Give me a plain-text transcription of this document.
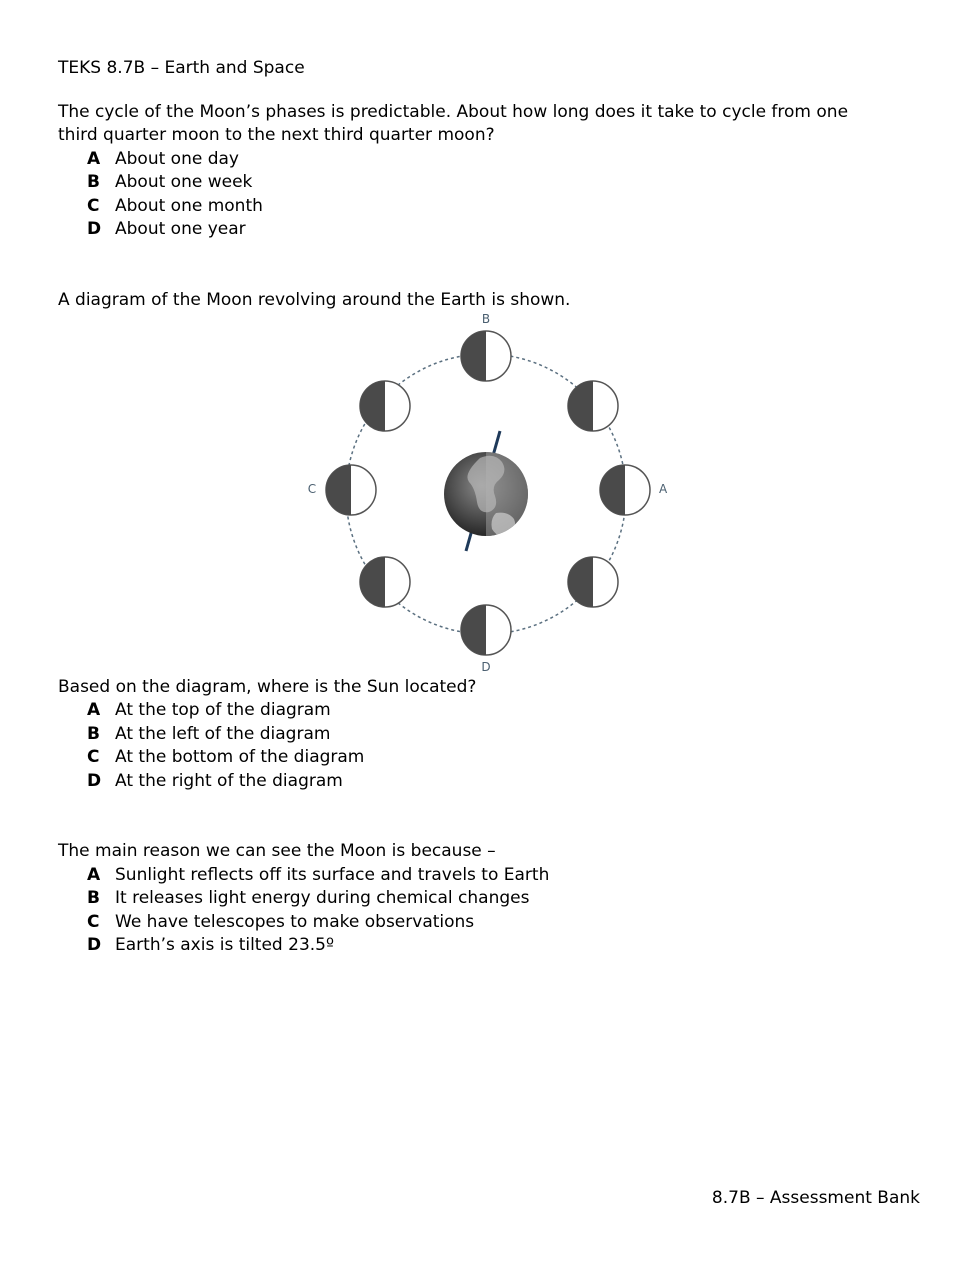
TEKS 8.7B – Earth and Space
The cycle of the Moon’s phases is predictable. About how long does it take to cycle from one
third quarter moon to the next third quarter moon?
A About one day
B About one week
C About one month
D About one year
A diagram of the Moon revolving around the Earth is shown.
B
A
C
D
Based on the diagram, where is the Sun located?
A At the top of the diagram
B At the left of the diagram
C At the bottom of the diagram
D At the right of the diagram
The main reason we can see the Moon is because –
A Sunlight reflects off its surface and travels to Earth
B It releases light energy during chemical changes
C We have telescopes to make observations
D Earth’s axis is tilted 23.5º
8.7B – Assessment Bank
